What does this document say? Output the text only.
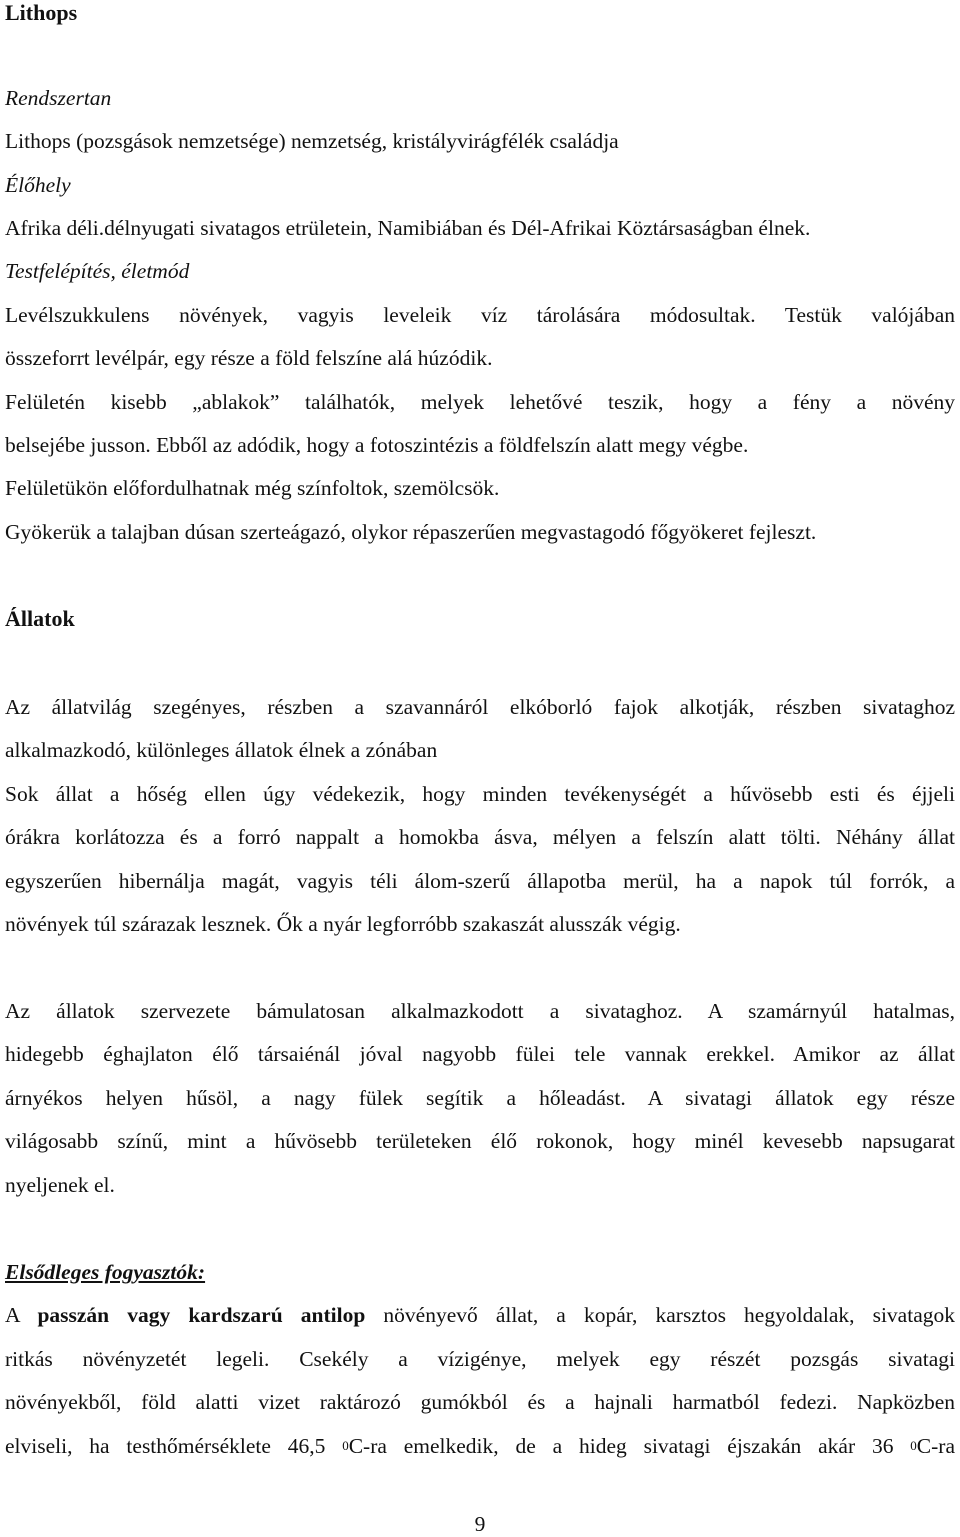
Lithops
Rendszertan
Lithops (pozsgások nemzetsége) nemzetség, kristályvirágfélék családja
Élőhely
Afrika déli.délnyugati sivatagos etrületein, Namibiában és Dél-Afrikai Köztársaságban élnek.
Testfelépítés, életmód
Levélszukkulens növények, vagyis leveleik víz tárolására módosultak. Testük valójában
összeforrt levélpár, egy része a föld felszíne alá húzódik.
Felületén kisebb „ablakok” találhatók, melyek lehetővé teszik, hogy a fény a növény
belsejébe jusson. Ebből az adódik, hogy a fotoszintézis a földfelszín alatt megy végbe.
Felületükön előfordulhatnak még színfoltok, szemölcsök.
Gyökerük a talajban dúsan szerteágazó, olykor répaszerűen megvastagodó főgyökeret fejleszt.
Állatok
Az állatvilág szegényes, részben a szavannáról elkóborló fajok alkotják, részben sivataghoz
alkalmazkodó, különleges állatok élnek a zónában
Sok állat a hőség ellen úgy védekezik, hogy minden tevékenységét a hűvösebb esti és éjjeli
órákra korlátozza és a forró nappalt a homokba ásva, mélyen a felszín alatt tölti. Néhány állat
egyszerűen hibernálja magát, vagyis téli álom-szerű állapotba merül, ha a napok túl forrók, a
növények túl szárazak lesznek. Ők a nyár legforróbb szakaszát alusszák végig.
Az állatok szervezete bámulatosan alkalmazkodott a sivataghoz. A szamárnyúl hatalmas,
hidegebb éghajlaton élő társaiénál jóval nagyobb fülei tele vannak erekkel. Amikor az állat
árnyékos helyen hűsöl, a nagy fülek segítik a hőleadást. A sivatagi állatok egy része
világosabb színű, mint a hűvösebb területeken élő rokonok, hogy minél kevesebb napsugarat
nyeljenek el.
Elsődleges fogyasztók:
A passzán vagy kardszarú antilop növényevő állat, a kopár, karsztos hegyoldalak, sivatagok
ritkás növényzetét legeli. Csekély a vízigénye, melyek egy részét pozsgás sivatagi
növényekből, föld alatti vizet raktározó gumókból és a hajnali harmatból fedezi. Napközben
elviseli, ha testhőmérséklete 46,5 $^0$C-ra emelkedik, de a hideg sivatagi éjszakán akár 36 $^0$C-ra
9
